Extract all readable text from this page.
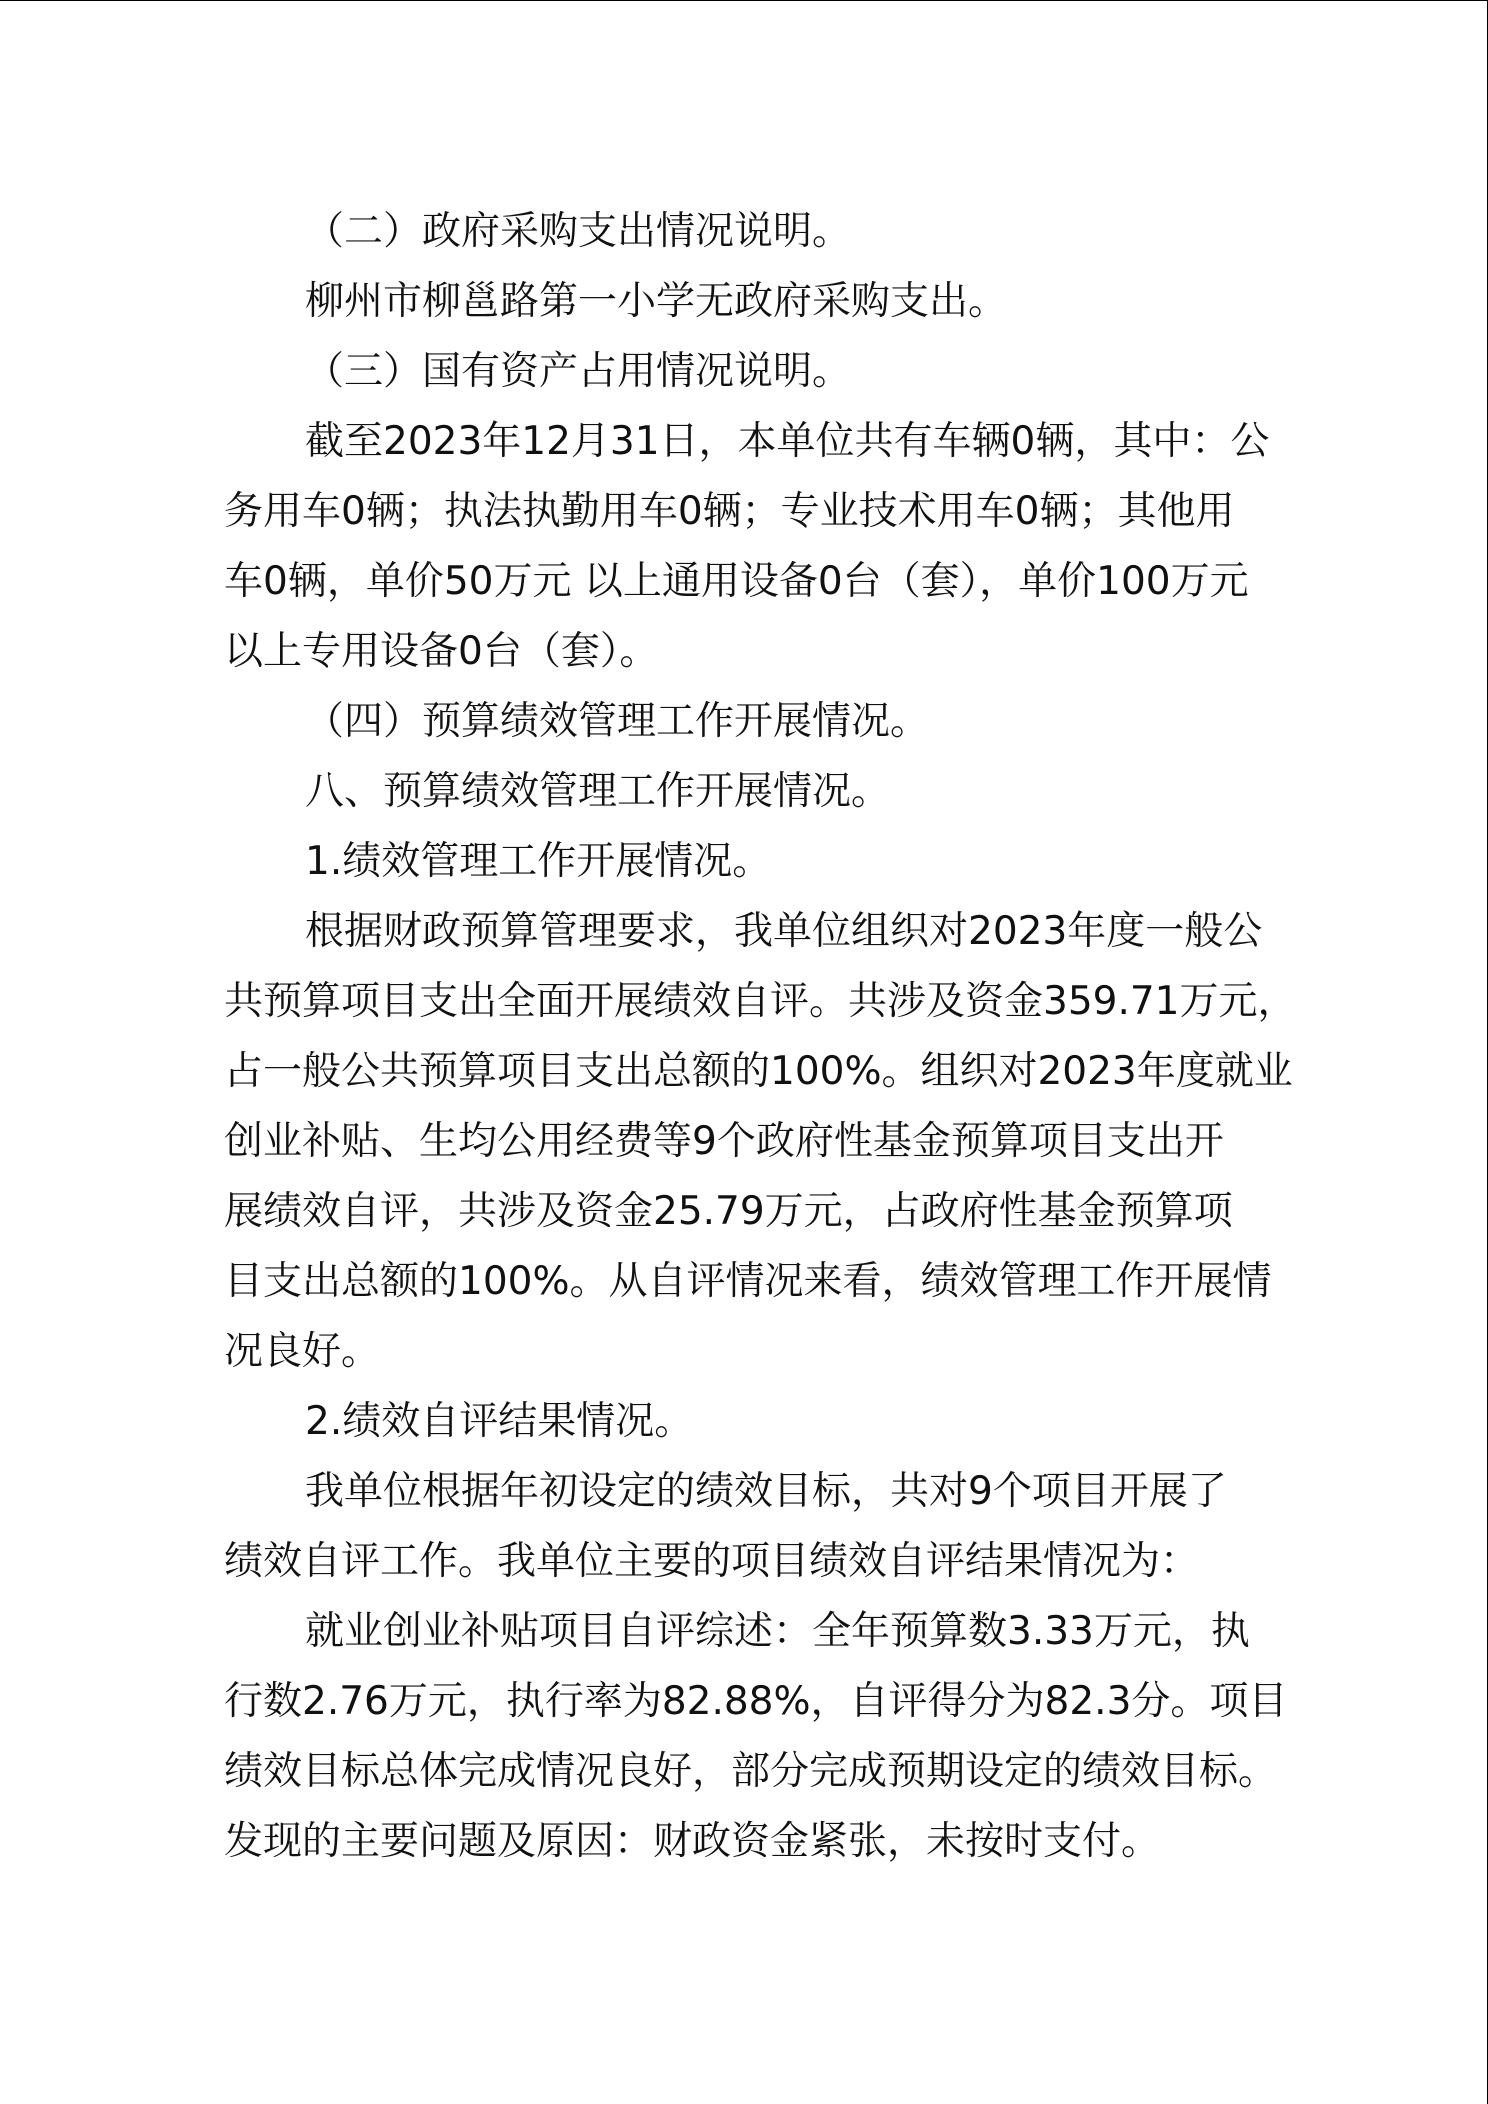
（二）政府采购支出情况说明。

柳州市柳邕路第一小学无政府采购支出。

（三）国有资产占用情况说明。

截至2023年12月31日，本单位共有车辆0辆，其中：公
务用车0辆；执法执勤用车0辆；专业技术用车0辆；其他用
车0辆，单价50万元 以上通用设备0台（套），单价100万元
以上专用设备0台（套）。

（四）预算绩效管理工作开展情况。

八、预算绩效管理工作开展情况。

1.绩效管理工作开展情况。

根据财政预算管理要求，我单位组织对2023年度一般公
共预算项目支出全面开展绩效自评。共涉及资金359.71万元，
占一般公共预算项目支出总额的100%。组织对2023年度就业
创业补贴、生均公用经费等9个政府性基金预算项目支出开
展绩效自评，共涉及资金25.79万元，占政府性基金预算项
目支出总额的100%。从自评情况来看，绩效管理工作开展情
况良好。

2.绩效自评结果情况。

我单位根据年初设定的绩效目标，共对9个项目开展了
绩效自评工作。我单位主要的项目绩效自评结果情况为：

就业创业补贴项目自评综述：全年预算数3.33万元，执
行数2.76万元，执行率为82.88%，自评得分为82.3分。项目
绩效目标总体完成情况良好，部分完成预期设定的绩效目标。
发现的主要问题及原因：财政资金紧张，未按时支付。
